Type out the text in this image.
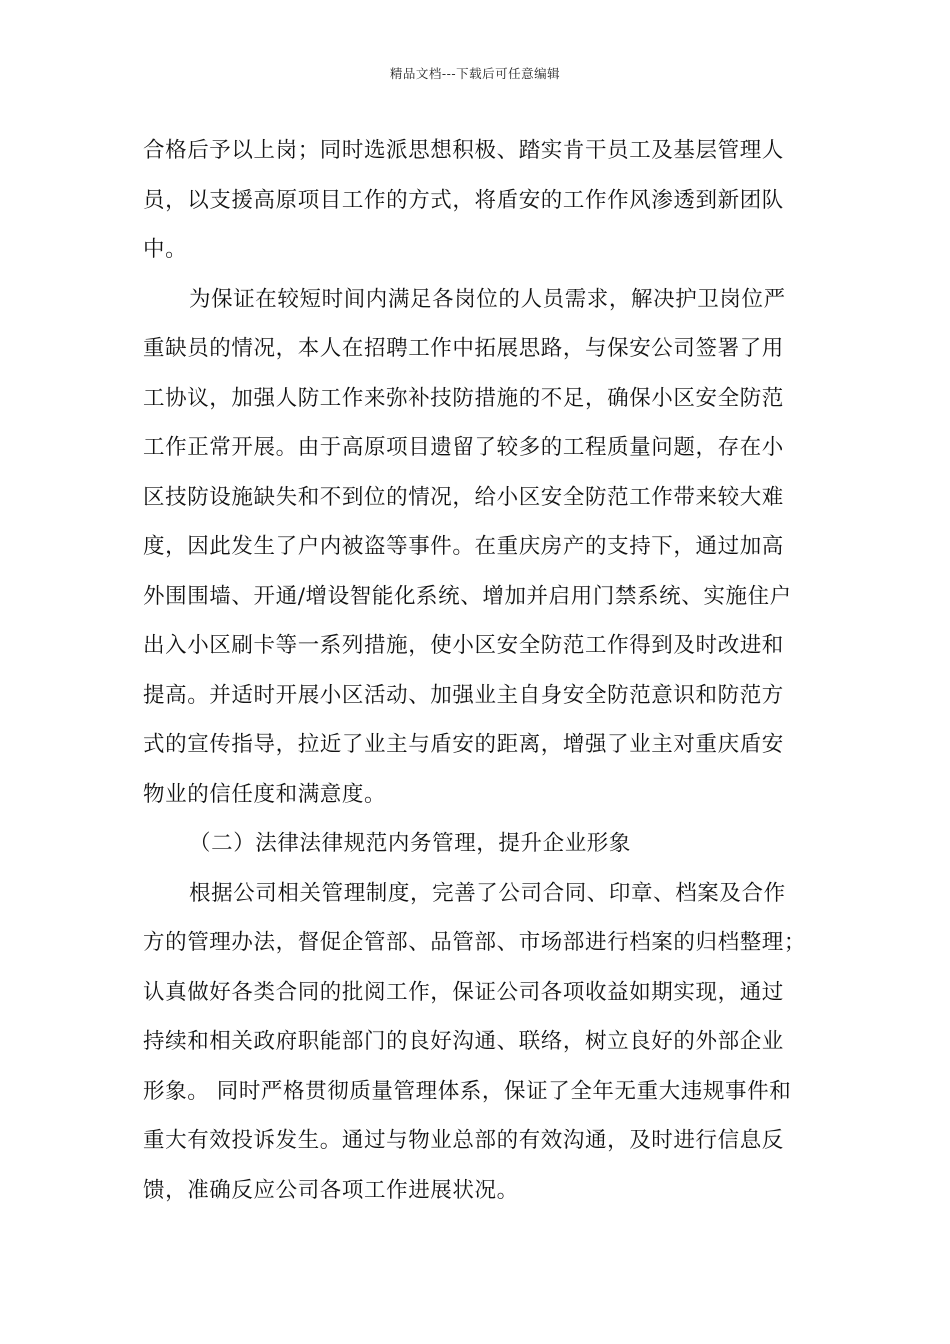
精品文档---下载后可任意编辑
合格后予以上岗；同时选派思想积极、踏实肯干员工及基层管理人
员，以支援高原项目工作的方式，将盾安的工作作风渗透到新团队
中。
为保证在较短时间内满足各岗位的人员需求，解决护卫岗位严
重缺员的情况，本人在招聘工作中拓展思路，与保安公司签署了用
工协议，加强人防工作来弥补技防措施的不足，确保小区安全防范
工作正常开展。由于高原项目遗留了较多的工程质量问题，存在小
区技防设施缺失和不到位的情况，给小区安全防范工作带来较大难
度，因此发生了户内被盗等事件。在重庆房产的支持下，通过加高
外围围墙、开通/增设智能化系统、增加并启用门禁系统、实施住户
出入小区刷卡等一系列措施，使小区安全防范工作得到及时改进和
提高。并适时开展小区活动、加强业主自身安全防范意识和防范方
式的宣传指导，拉近了业主与盾安的距离，增强了业主对重庆盾安
物业的信任度和满意度。
（二）法律法律规范内务管理，提升企业形象
根据公司相关管理制度，完善了公司合同、印章、档案及合作
方的管理办法，督促企管部、品管部、市场部进行档案的归档整理；
认真做好各类合同的批阅工作，保证公司各项收益如期实现，通过
持续和相关政府职能部门的良好沟通、联络，树立良好的外部企业
形象。 同时严格贯彻质量管理体系，保证了全年无重大违规事件和
重大有效投诉发生。通过与物业总部的有效沟通，及时进行信息反
馈，准确反应公司各项工作进展状况。
